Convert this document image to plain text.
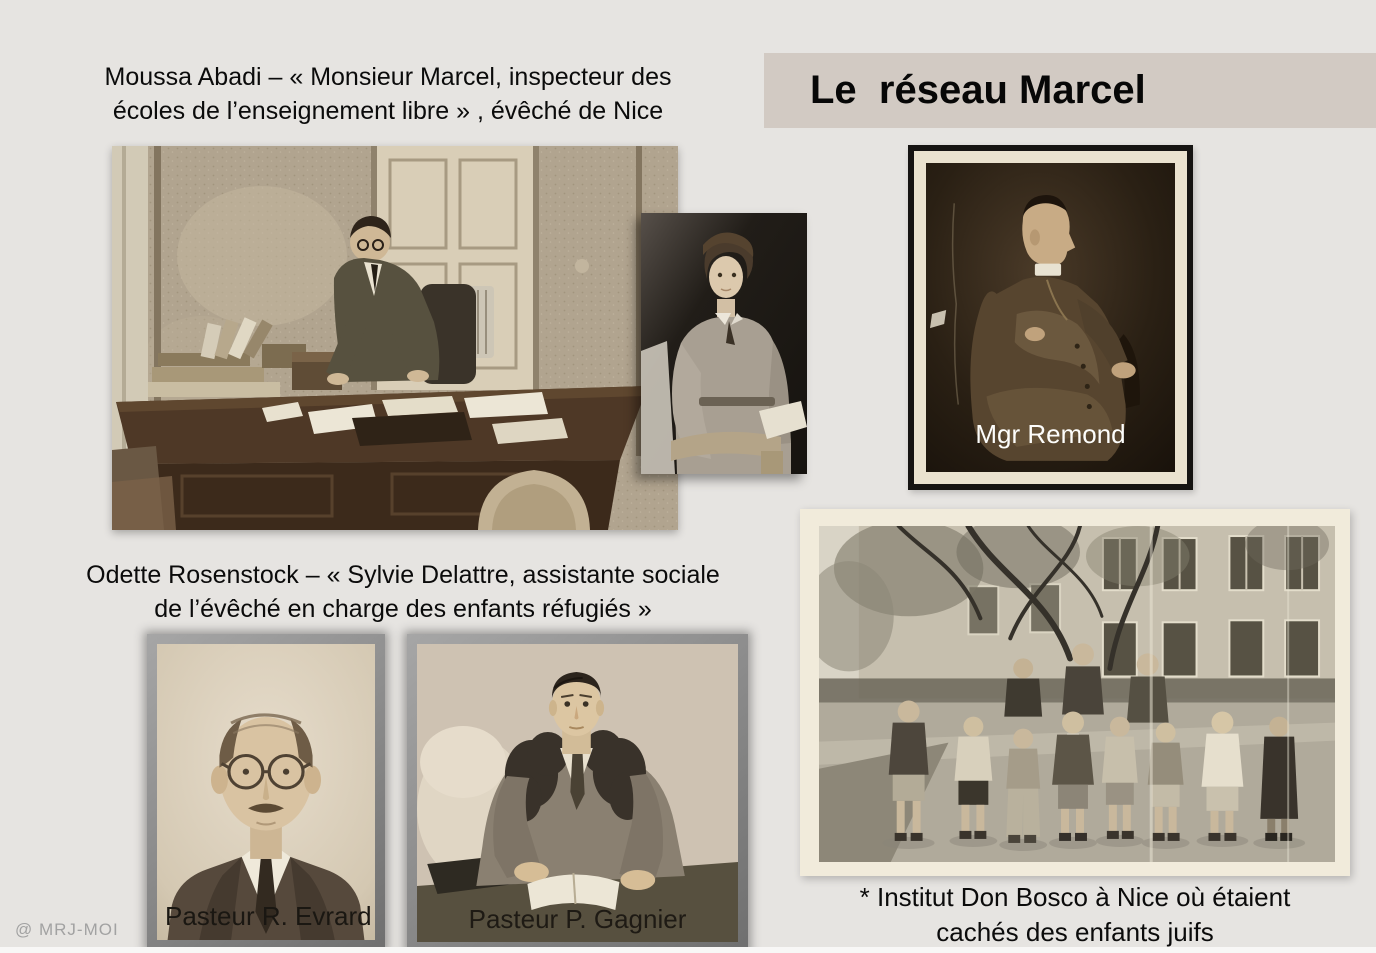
Moussa Abadi – « Monsieur Marcel, inspecteur des
écoles de l’enseignement libre » , évêché de Nice	Le  réseau Marcel
Mgr Remond
Odette Rosenstock – « Sylvie Delattre, assistante sociale
de l’évêché en charge des enfants réfugiés »
Pasteur R. Evrard	Pasteur P. Gagnier
* Institut Don Bosco à Nice où étaient
cachés des enfants juifs
@ MRJ-MOI
